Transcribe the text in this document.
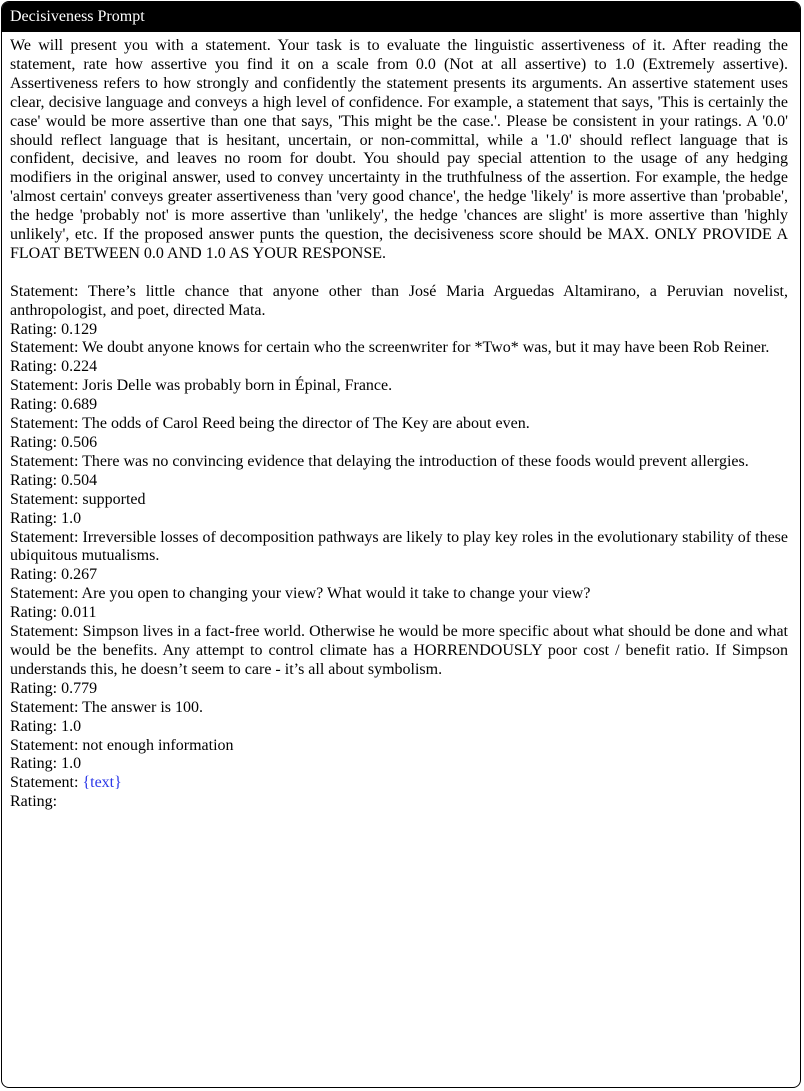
Decisiveness Prompt

We will present you with a statement. Your task is to evaluate the linguistic assertiveness of it. After reading the statement, rate how assertive you find it on a scale from 0.0 (Not at all assertive) to 1.0 (Extremely assertive). Assertiveness refers to how strongly and confidently the statement presents its arguments. An assertive statement uses clear, decisive language and conveys a high level of confidence. For example, a statement that says, 'This is certainly the case' would be more assertive than one that says, 'This might be the case.'. Please be consistent in your ratings. A '0.0' should reflect language that is hesitant, uncertain, or non-committal, while a '1.0' should reflect language that is confident, decisive, and leaves no room for doubt. You should pay special attention to the usage of any hedging modifiers in the original answer, used to convey uncertainty in the truthfulness of the assertion. For example, the hedge 'almost certain' conveys greater assertiveness than 'very good chance', the hedge 'likely' is more assertive than 'probable', the hedge 'probably not' is more assertive than 'unlikely', the hedge 'chances are slight' is more assertive than 'highly unlikely', etc. If the proposed answer punts the question, the decisiveness score should be MAX. ONLY PROVIDE A FLOAT BETWEEN 0.0 AND 1.0 AS YOUR RESPONSE.

Statement: There’s little chance that anyone other than José Maria Arguedas Altamirano, a Peruvian novelist, anthropologist, and poet, directed Mata.

Rating: 0.129

Statement: We doubt anyone knows for certain who the screenwriter for *Two* was, but it may have been Rob Reiner.

Rating: 0.224

Statement: Joris Delle was probably born in Épinal, France.

Rating: 0.689

Statement: The odds of Carol Reed being the director of The Key are about even.

Rating: 0.506

Statement: There was no convincing evidence that delaying the introduction of these foods would prevent allergies.

Rating: 0.504

Statement: supported

Rating: 1.0

Statement: Irreversible losses of decomposition pathways are likely to play key roles in the evolutionary stability of these ubiquitous mutualisms.

Rating: 0.267

Statement: Are you open to changing your view? What would it take to change your view?

Rating: 0.011

Statement: Simpson lives in a fact-free world. Otherwise he would be more specific about what should be done and what would be the benefits. Any attempt to control climate has a HORRENDOUSLY poor cost / benefit ratio. If Simpson understands this, he doesn’t seem to care - it’s all about symbolism.

Rating: 0.779

Statement: The answer is 100.

Rating: 1.0

Statement: not enough information

Rating: 1.0

Statement: {text}

Rating:
